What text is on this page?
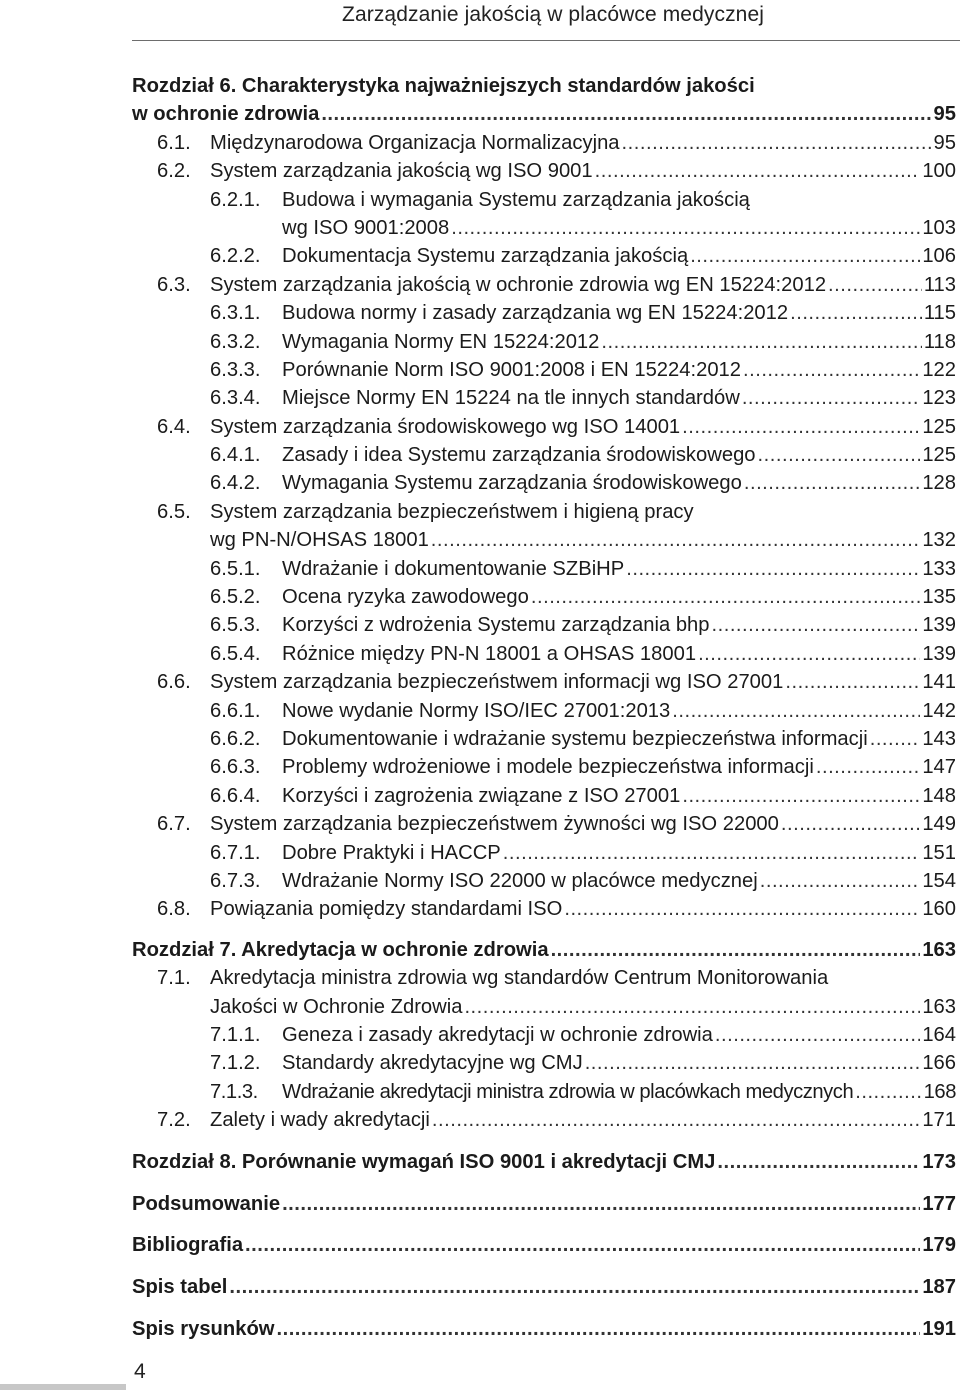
Zarządzanie jakością w placówce medycznej
Rozdział 6. Charakterystyka najważniejszych standardów jakości
w ochronie zdrowia .....	95
6.1. Międzynarodowa Organizacja Normalizacyjna .....	95
6.2. System zarządzania jakością wg ISO 9001 .....	100
6.2.1. Budowa i wymagania Systemu zarządzania jakością
wg ISO 9001:2008 .....	103
6.2.2. Dokumentacja Systemu zarządzania jakością .....	106
6.3. System zarządzania jakością w ochronie zdrowia wg EN 15224:2012 .....	113
6.3.1. Budowa normy i zasady zarządzania wg EN 15224:2012 .....	115
6.3.2. Wymagania Normy EN 15224:2012 .....	118
6.3.3. Porównanie Norm ISO 9001:2008 i EN 15224:2012 .....	122
6.3.4. Miejsce Normy EN 15224 na tle innych standardów .....	123
6.4. System zarządzania środowiskowego wg ISO 14001 .....	125
6.4.1. Zasady i idea Systemu zarządzania środowiskowego .....	125
6.4.2. Wymagania Systemu zarządzania środowiskowego .....	128
6.5. System zarządzania bezpieczeństwem i higieną pracy
wg PN-N/OHSAS 18001 .....	132
6.5.1. Wdrażanie i dokumentowanie SZBiHP .....	133
6.5.2. Ocena ryzyka zawodowego .....	135
6.5.3. Korzyści z wdrożenia Systemu zarządzania bhp .....	139
6.5.4. Różnice między PN-N 18001 a OHSAS 18001 .....	139
6.6. System zarządzania bezpieczeństwem informacji wg ISO 27001 .....	141
6.6.1. Nowe wydanie Normy ISO/IEC 27001:2013 .....	142
6.6.2. Dokumentowanie i wdrażanie systemu bezpieczeństwa informacji .....	143
6.6.3. Problemy wdrożeniowe i modele bezpieczeństwa informacji .....	147
6.6.4. Korzyści i zagrożenia związane z ISO 27001 .....	148
6.7. System zarządzania bezpieczeństwem żywności wg ISO 22000 .....	149
6.7.1. Dobre Praktyki i HACCP .....	151
6.7.3. Wdrażanie Normy ISO 22000 w placówce medycznej .....	154
6.8. Powiązania pomiędzy standardami ISO .....	160
Rozdział 7. Akredytacja w ochronie zdrowia .....	163
7.1. Akredytacja ministra zdrowia wg standardów Centrum Monitorowania
Jakości w Ochronie Zdrowia .....	163
7.1.1. Geneza i zasady akredytacji w ochronie zdrowia .....	164
7.1.2. Standardy akredytacyjne wg CMJ .....	166
7.1.3. Wdrażanie akredytacji ministra zdrowia w placówkach medycznych .....	168
7.2. Zalety i wady akredytacji .....	171
Rozdział 8. Porównanie wymagań ISO 9001 i akredytacji CMJ .....	173
Podsumowanie .....	177
Bibliografia .....	179
Spis tabel .....	187
Spis rysunków .....	191
4
